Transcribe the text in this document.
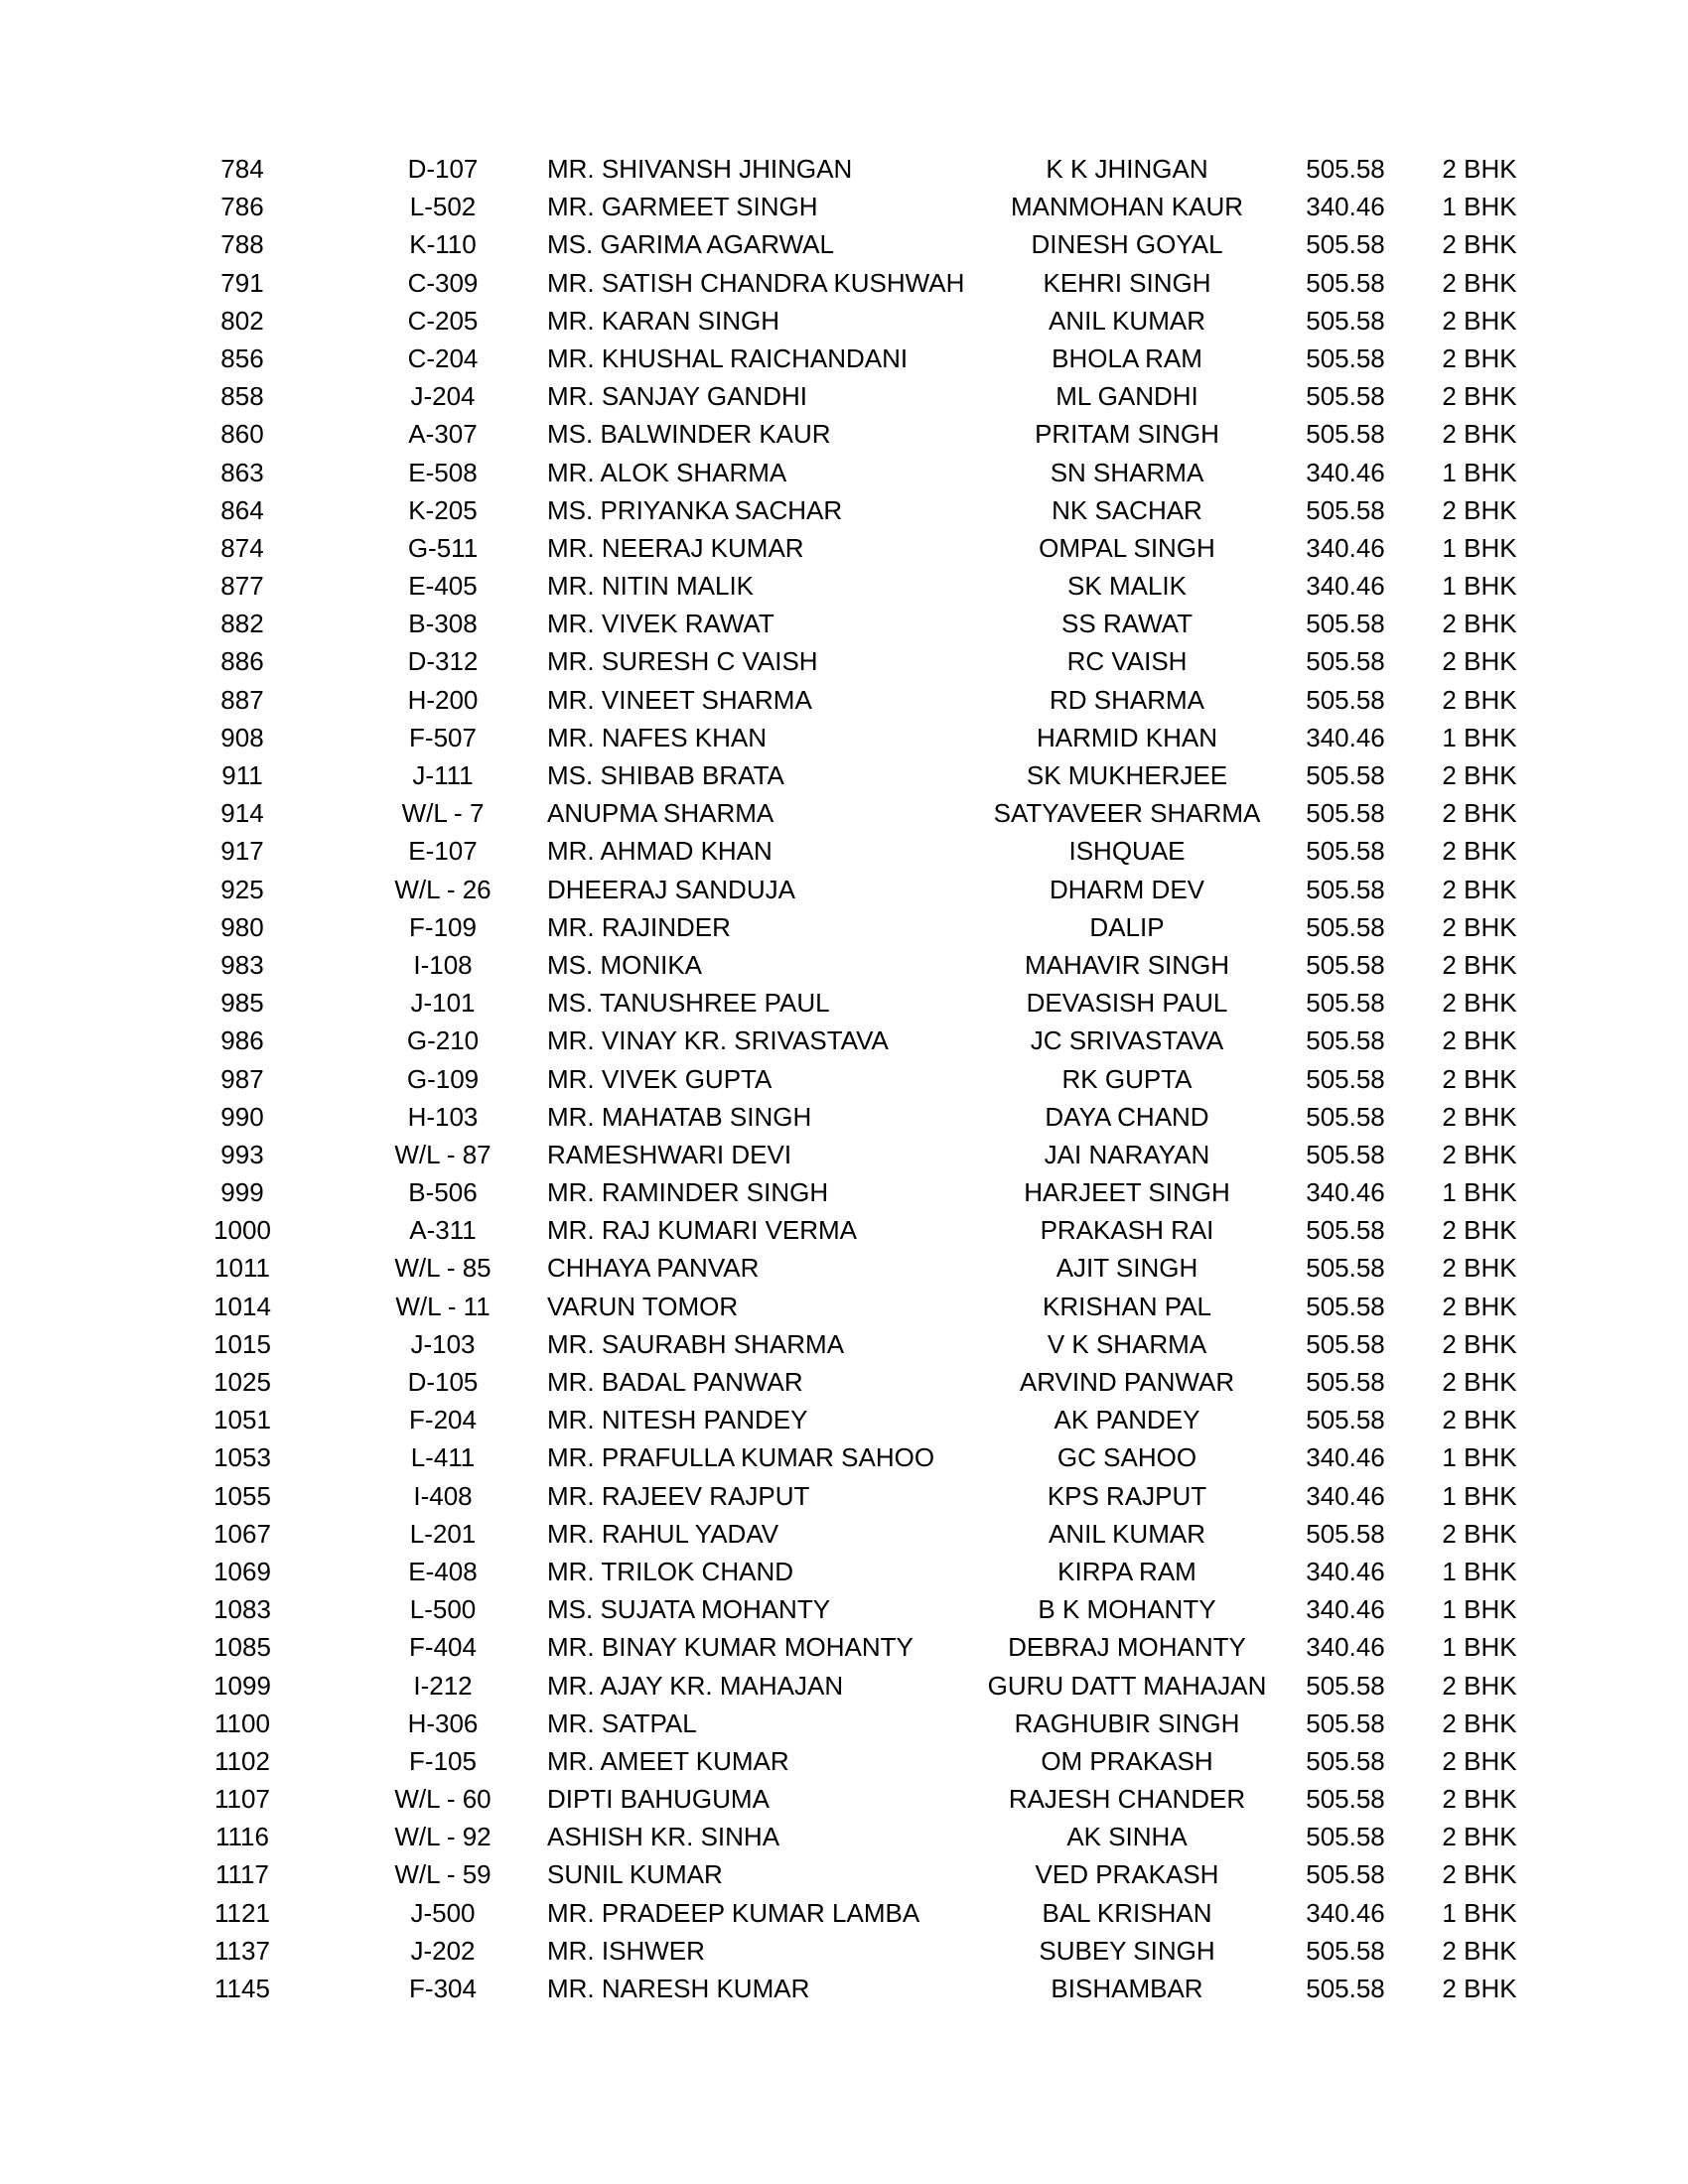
784	D-107	MR. SHIVANSH JHINGAN	K K JHINGAN	505.58	2 BHK
786	L-502	MR. GARMEET SINGH	MANMOHAN KAUR	340.46	1 BHK
788	K-110	MS. GARIMA AGARWAL	DINESH GOYAL	505.58	2 BHK
791	C-309	MR. SATISH CHANDRA KUSHWAH	KEHRI SINGH	505.58	2 BHK
802	C-205	MR. KARAN SINGH	ANIL KUMAR	505.58	2 BHK
856	C-204	MR. KHUSHAL RAICHANDANI	BHOLA RAM	505.58	2 BHK
858	J-204	MR. SANJAY GANDHI	ML GANDHI	505.58	2 BHK
860	A-307	MS. BALWINDER KAUR	PRITAM SINGH	505.58	2 BHK
863	E-508	MR. ALOK SHARMA	SN SHARMA	340.46	1 BHK
864	K-205	MS. PRIYANKA SACHAR	NK SACHAR	505.58	2 BHK
874	G-511	MR. NEERAJ KUMAR	OMPAL SINGH	340.46	1 BHK
877	E-405	MR. NITIN MALIK	SK MALIK	340.46	1 BHK
882	B-308	MR. VIVEK RAWAT	SS RAWAT	505.58	2 BHK
886	D-312	MR. SURESH C VAISH	RC VAISH	505.58	2 BHK
887	H-200	MR. VINEET SHARMA	RD SHARMA	505.58	2 BHK
908	F-507	MR. NAFES KHAN	HARMID KHAN	340.46	1 BHK
911	J-111	MS. SHIBAB BRATA	SK MUKHERJEE	505.58	2 BHK
914	W/L - 7	ANUPMA SHARMA	SATYAVEER SHARMA	505.58	2 BHK
917	E-107	MR. AHMAD KHAN	ISHQUAE	505.58	2 BHK
925	W/L - 26	DHEERAJ SANDUJA	DHARM DEV	505.58	2 BHK
980	F-109	MR. RAJINDER	DALIP	505.58	2 BHK
983	I-108	MS. MONIKA	MAHAVIR SINGH	505.58	2 BHK
985	J-101	MS. TANUSHREE PAUL	DEVASISH PAUL	505.58	2 BHK
986	G-210	MR. VINAY KR. SRIVASTAVA	JC SRIVASTAVA	505.58	2 BHK
987	G-109	MR. VIVEK GUPTA	RK GUPTA	505.58	2 BHK
990	H-103	MR. MAHATAB SINGH	DAYA CHAND	505.58	2 BHK
993	W/L - 87	RAMESHWARI DEVI	JAI NARAYAN	505.58	2 BHK
999	B-506	MR. RAMINDER SINGH	HARJEET SINGH	340.46	1 BHK
1000	A-311	MR. RAJ KUMARI VERMA	PRAKASH RAI	505.58	2 BHK
1011	W/L - 85	CHHAYA PANVAR	AJIT SINGH	505.58	2 BHK
1014	W/L - 11	VARUN TOMOR	KRISHAN PAL	505.58	2 BHK
1015	J-103	MR. SAURABH SHARMA	V K SHARMA	505.58	2 BHK
1025	D-105	MR. BADAL PANWAR	ARVIND PANWAR	505.58	2 BHK
1051	F-204	MR. NITESH PANDEY	AK PANDEY	505.58	2 BHK
1053	L-411	MR. PRAFULLA KUMAR SAHOO	GC SAHOO	340.46	1 BHK
1055	I-408	MR. RAJEEV RAJPUT	KPS RAJPUT	340.46	1 BHK
1067	L-201	MR. RAHUL YADAV	ANIL KUMAR	505.58	2 BHK
1069	E-408	MR. TRILOK CHAND	KIRPA RAM	340.46	1 BHK
1083	L-500	MS. SUJATA MOHANTY	B K MOHANTY	340.46	1 BHK
1085	F-404	MR. BINAY KUMAR MOHANTY	DEBRAJ MOHANTY	340.46	1 BHK
1099	I-212	MR. AJAY KR. MAHAJAN	GURU DATT MAHAJAN	505.58	2 BHK
1100	H-306	MR. SATPAL	RAGHUBIR SINGH	505.58	2 BHK
1102	F-105	MR. AMEET KUMAR	OM PRAKASH	505.58	2 BHK
1107	W/L - 60	DIPTI BAHUGUMA	RAJESH CHANDER	505.58	2 BHK
1116	W/L - 92	ASHISH KR. SINHA	AK SINHA	505.58	2 BHK
1117	W/L - 59	SUNIL KUMAR	VED PRAKASH	505.58	2 BHK
1121	J-500	MR. PRADEEP KUMAR LAMBA	BAL KRISHAN	340.46	1 BHK
1137	J-202	MR. ISHWER	SUBEY SINGH	505.58	2 BHK
1145	F-304	MR. NARESH KUMAR	BISHAMBAR	505.58	2 BHK
